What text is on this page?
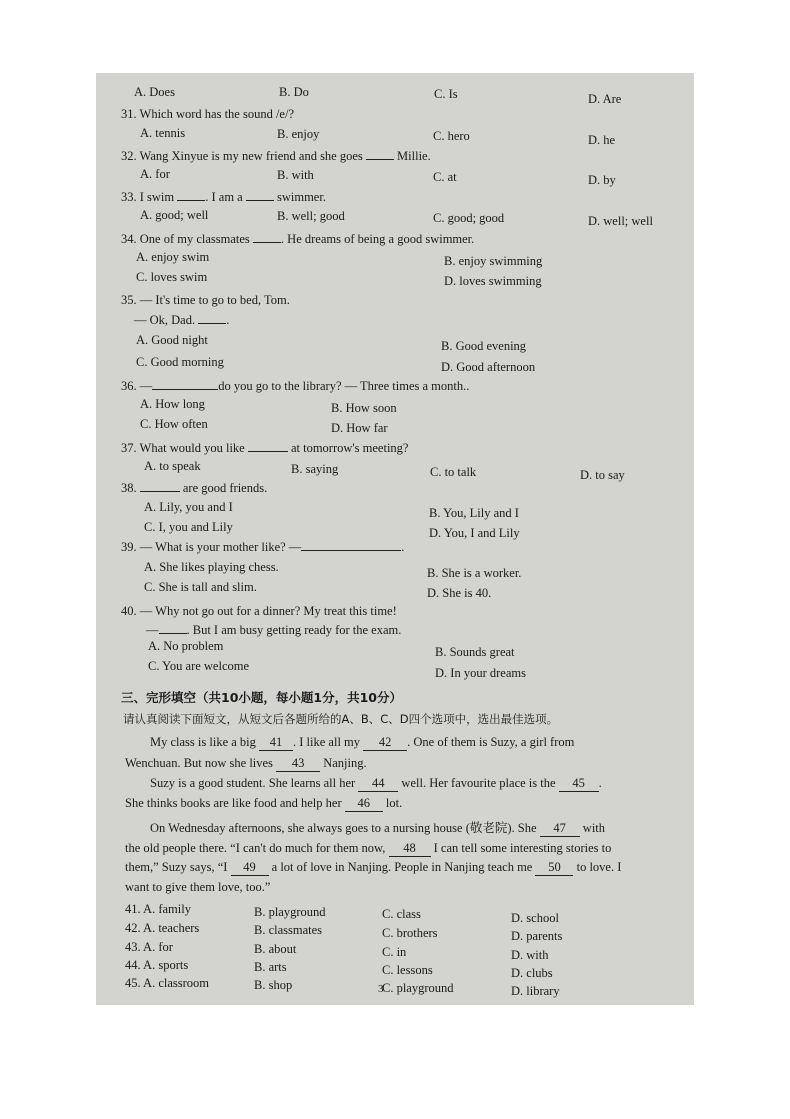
A. Does	B. Do	C. Is	D. Are
31. Which word has the sound /e/?
A. tennis	B. enjoy	C. hero	D. he
32. Wang Xinyue is my new friend and she goes  Millie.
A. for	B. with	C. at	D. by
33. I swim . I am a  swimmer.
A. good; well	B. well; good	C. good; good	D. well; well
34. One of my classmates . He dreams of being a good swimmer.
A. enjoy swim	B. enjoy swimming
C. loves swim	D. loves swimming
35. — It's time to go to bed, Tom.
— Ok, Dad. .
A. Good night	B. Good evening
C. Good morning	D. Good afternoon
36. —	do you go to the library? — Three times a month..
A. How long	B. How soon
C. How often	D. How far
37. What would you like	at tomorrow's meeting?
A. to speak	B. saying	C. to talk	D. to say
38.	are good friends.
A. Lily, you and I	B. You, Lily and I
C. I, you and Lily	D. You, I and Lily
39. — What is your mother like? —	.
A. She likes playing chess.	B. She is a worker.
C. She is tall and slim.	D. She is 40.
40. — Why not go out for a dinner? My treat this time!
— . But I am busy getting ready for the exam.
A. No problem	B. Sounds great
C. You are welcome	D. In your dreams
三、完形填空（共10小题，每小题1分，共10分）
请认真阅读下面短文，从短文后各题所给的A、B、C、D四个选项中，选出最佳选项。
My class is like a big 41 . I like all my 42 . One of them is Suzy, a girl from
Wenchuan. But now she lives 43 Nanjing.
Suzy is a good student. She learns all her 44 well. Her favourite place is the 45 .
She thinks books are like food and help her 46 lot.
On Wednesday afternoons, she always goes to a nursing house (敬老院). She 47 with
the old people there. “I can't do much for them now, 48 I can tell some interesting stories to
them,” Suzy says, “I 49 a lot of love in Nanjing. People in Nanjing teach me 50 to love. I
want to give them love, too.”
41. A. family	B. playground	C. class	D. school
42. A. teachers	B. classmates	C. brothers	D. parents
43. A. for	B. about	C. in	D. with
44. A. sports	B. arts	C. lessons	D. clubs
45. A. classroom	B. shop	C. playground	D. library
3
